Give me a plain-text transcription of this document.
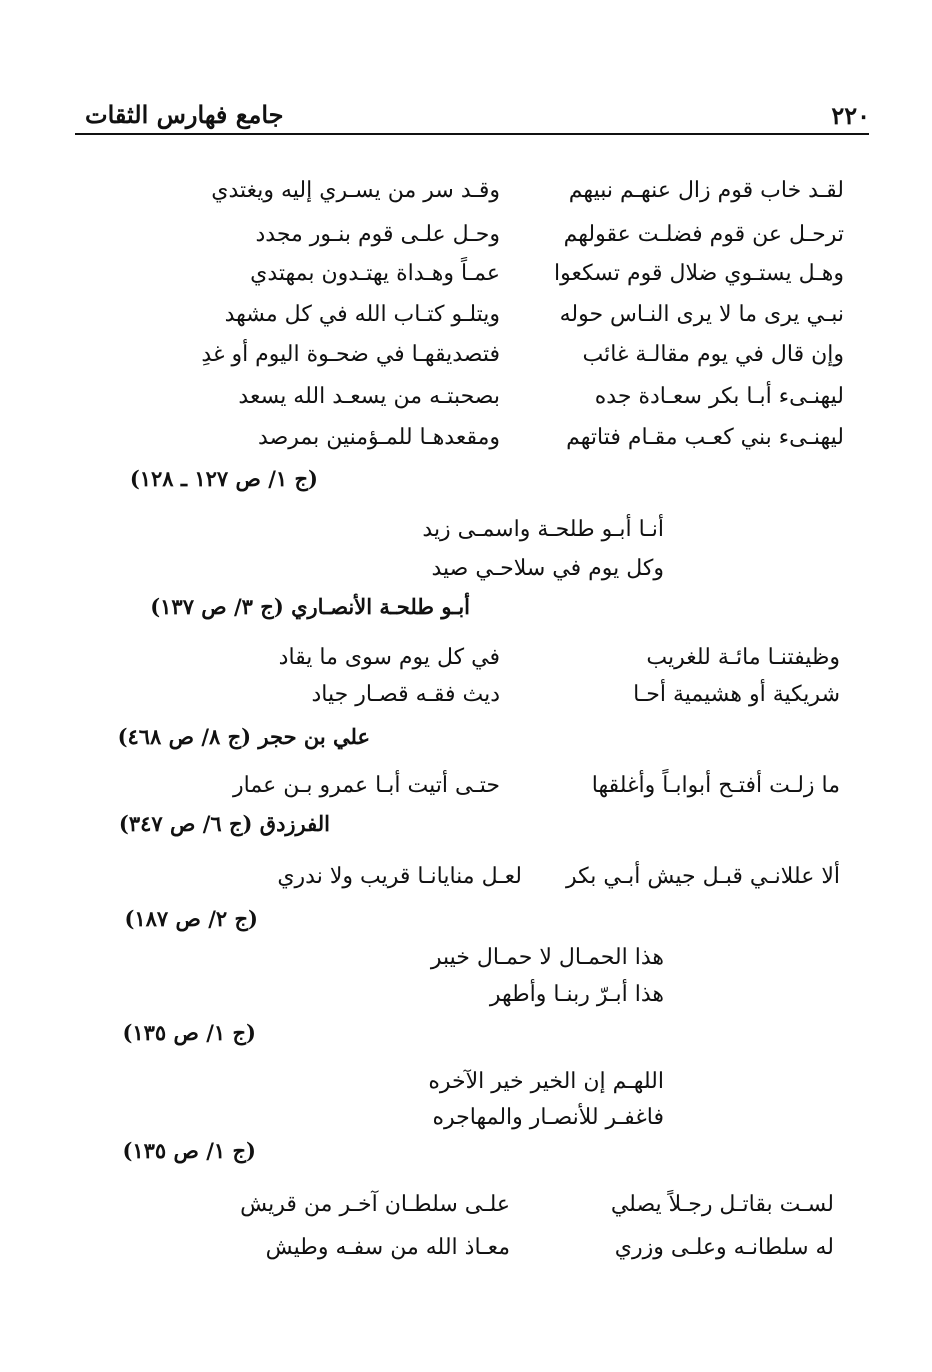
جامع فهارس الثقات	٢٢٠
لقـد خاب قوم زال عنهـم نبيهم
وقـد سر من يسـري إليه ويغتدي
ترحـل عن قوم فضلـت عقولهم
وحـل علـى قوم بنـور مجدد
وهـل يستـوي ضلال قوم تسكعوا
عمـاً وهـداة يهتـدون بمهتدي
نبـي يرى ما لا يرى النـاس حوله
ويتلـو كتـاب الله في كل مشهد
وإن قال في يوم مقالـة غائب
فتصديقهـا في ضحـوة اليوم أو غدِ
ليهنـىء أبـا بكر سعـادة جده
بصحبتـه من يسعـد الله يسعد
ليهنـىء بني كعـب مقـام فتاتهم
ومقعدهـا للمـؤمنين بمرصد
(ج ١/ ص ١٢٧ ـ ١٢٨)
أنـا أبـو طلحـة واسمـى زيد
وكل يوم في سلاحـي صيد
أبـو طلحـة الأنصـاري (ج ٣/ ص ١٣٧)
وظيفتنـا مائـة للغريب
في كل يوم سوى ما يقاد
شريكية أو هشيمية أحـا
ديث فقـه قصـار جياد
علي بن حجر (ج ٨/ ص ٤٦٨)
ما زلـت أفتـح أبوابـاً وأغلقها
حتـى أتيت أبـا عمرو بـن عمار
الفرزدق (ج ٦/ ص ٣٤٧)
ألا عللانـي قبـل جيش أبـي بكر
لعـل منايانـا قريب ولا ندري
(ج ٢/ ص ١٨٧)
هذا الحمـال لا حمـال خيبر
هذا أبـرّ ربنـا وأطهر
(ج ١/ ص ١٣٥)
اللهـم إن الخير خير الآخره
فاغفـر للأنصـار والمهاجره
(ج ١/ ص ١٣٥)
لسـت بقاتـل رجـلاً يصلي
علـى سلطـان آخـر من قريش
له سلطانـه وعلـى وزري
معـاذ الله من سفـه وطيش
